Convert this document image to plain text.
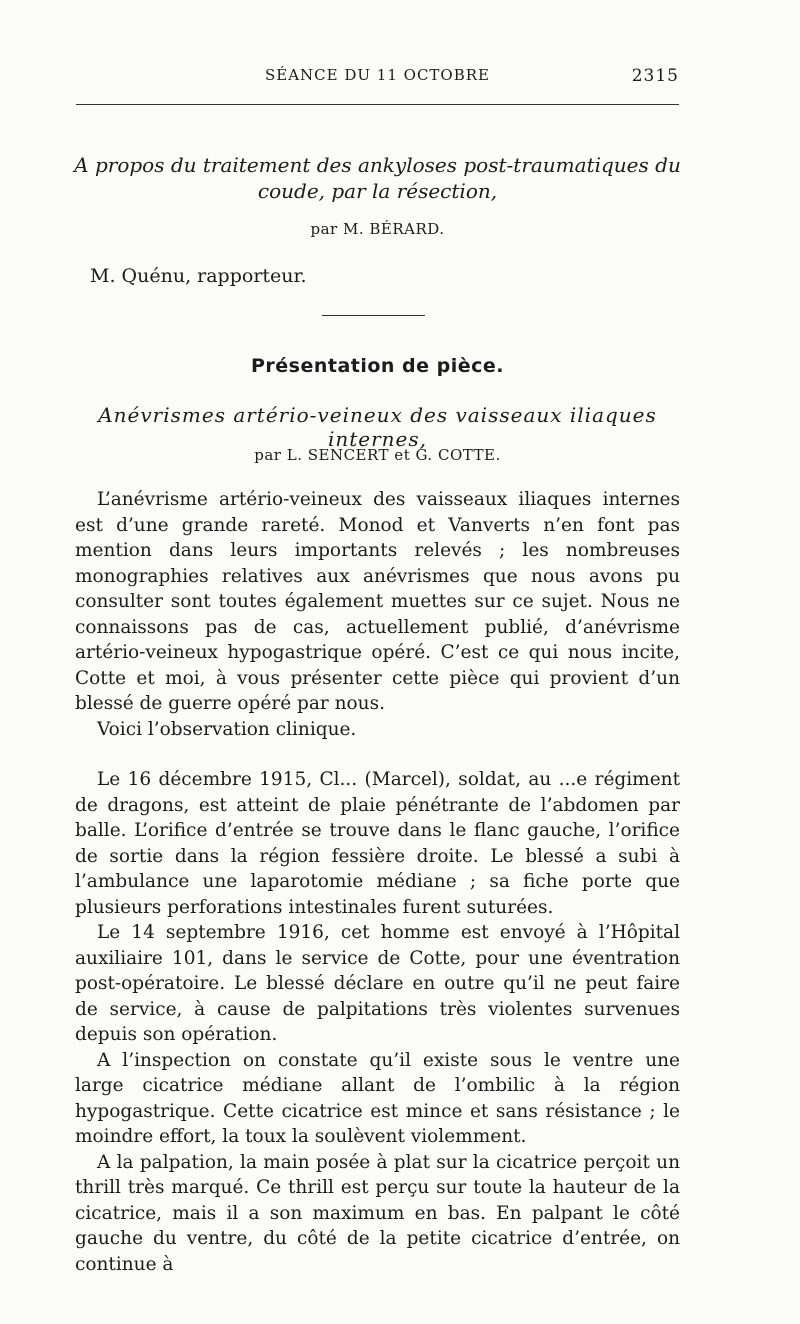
SÉANCE DU 11 OCTOBRE	2315
A propos du traitement des ankyloses post-traumatiques du coude, par la résection,
par M. BÉRARD.
M. Quénu, rapporteur.
Présentation de pièce.
Anévrismes artério-veineux des vaisseaux iliaques internes,
par L. SENCERT et G. COTTE.

L’anévrisme artério-veineux des vaisseaux iliaques internes est d’une grande rareté. Monod et Vanverts n’en font pas mention dans leurs importants relevés ; les nombreuses monographies relatives aux anévrismes que nous avons pu consulter sont toutes également muettes sur ce sujet. Nous ne connaissons pas de cas, actuellement publié, d’anévrisme artério-veineux hypogastrique opéré. C’est ce qui nous incite, Cotte et moi, à vous présenter cette pièce qui provient d’un blessé de guerre opéré par nous.

Voici l’observation clinique.

Le 16 décembre 1915, Cl... (Marcel), soldat, au ...e régiment de dragons, est atteint de plaie pénétrante de l’abdomen par balle. L’orifice d’entrée se trouve dans le flanc gauche, l’orifice de sortie dans la région fessière droite. Le blessé a subi à l’ambulance une laparotomie médiane ; sa fiche porte que plusieurs perforations intestinales furent suturées.

Le 14 septembre 1916, cet homme est envoyé à l’Hôpital auxiliaire 101, dans le service de Cotte, pour une éventration post-opératoire. Le blessé déclare en outre qu’il ne peut faire de service, à cause de palpitations très violentes survenues depuis son opération.

A l’inspection on constate qu’il existe sous le ventre une large cicatrice médiane allant de l’ombilic à la région hypogastrique. Cette cicatrice est mince et sans résistance ; le moindre effort, la toux la soulèvent violemment.

A la palpation, la main posée à plat sur la cicatrice perçoit un thrill très marqué. Ce thrill est perçu sur toute la hauteur de la cicatrice, mais il a son maximum en bas. En palpant le côté gauche du ventre, du côté de la petite cicatrice d’entrée, on continue à
